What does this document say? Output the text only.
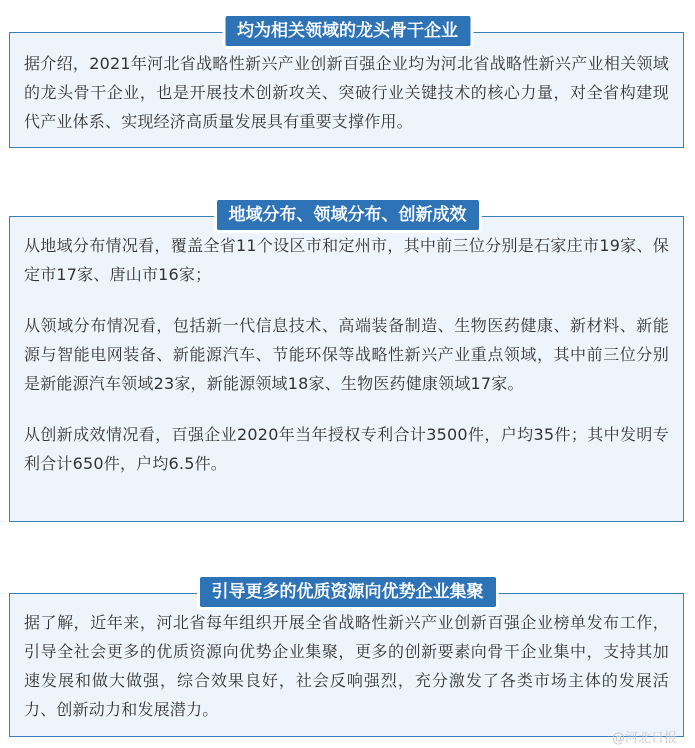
据介绍，2021年河北省战略性新兴产业创新百强企业均为河北省战略性新兴产业相关领域的龙头骨干企业，也是开展技术创新攻关、突破行业关键技术的核心力量，对全省构建现代产业体系、实现经济高质量发展具有重要支撑作用。

均为相关领域的龙头骨干企业

从地域分布情况看，覆盖全省11个设区市和定州市，其中前三位分别是石家庄市19家、保定市17家、唐山市16家；

从领域分布情况看，包括新一代信息技术、高端装备制造、生物医药健康、新材料、新能源与智能电网装备、新能源汽车、节能环保等战略性新兴产业重点领域，其中前三位分别是新能源汽车领域23家，新能源领域18家、生物医药健康领域17家。

从创新成效情况看，百强企业2020年当年授权专利合计3500件，户均35件；其中发明专利合计650件，户均6.5件。

地域分布、领域分布、创新成效

据了解，近年来，河北省每年组织开展全省战略性新兴产业创新百强企业榜单发布工作，引导全社会更多的优质资源向优势企业集聚，更多的创新要素向骨干企业集中，支持其加速发展和做大做强，综合效果良好，社会反响强烈，充分激发了各类市场主体的发展活力、创新动力和发展潜力。

引导更多的优质资源向优势企业集聚
@河北日报
